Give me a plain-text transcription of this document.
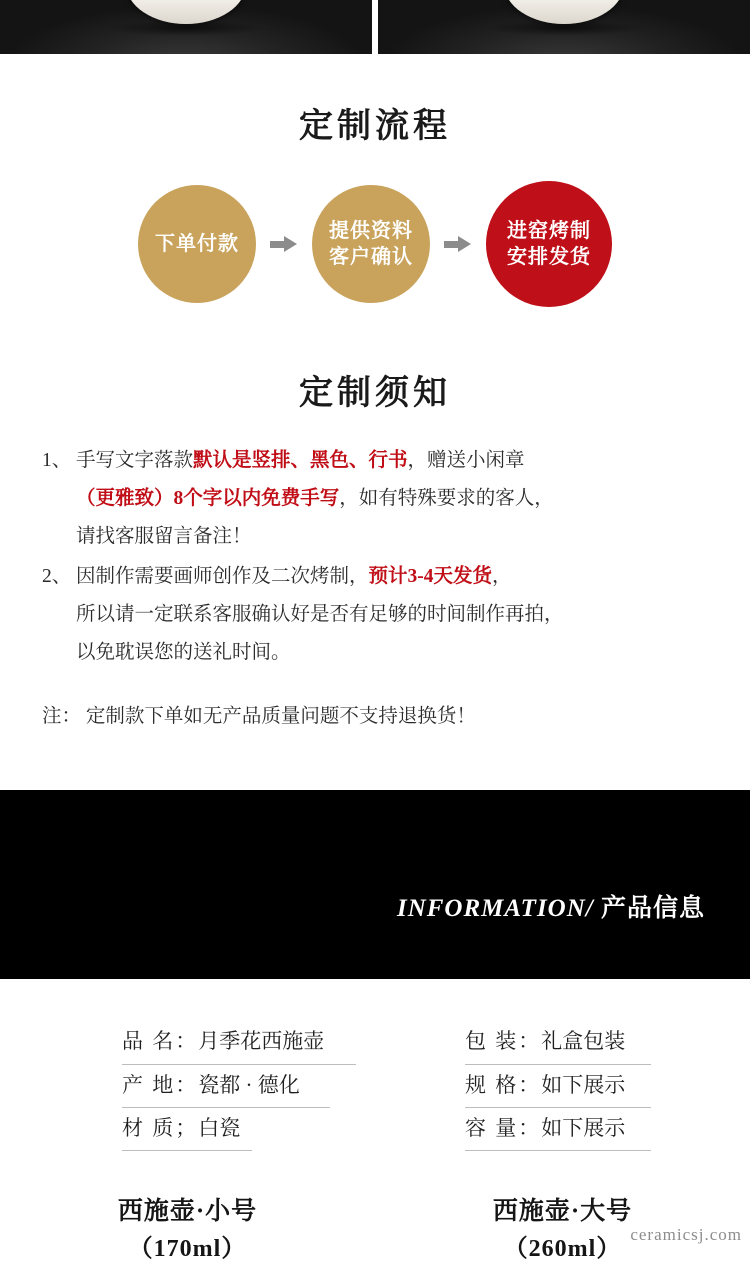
定制流程
下单付款
提供资料
客户确认
进窑烤制
安排发货
定制须知
1、 手写文字落款默认是竖排、黑色、行书，赠送小闲章

（更雅致）8个字以内免费手写，如有特殊要求的客人，

请找客服留言备注！

2、 因制作需要画师创作及二次烤制，预计3-4天发货，

所以请一定联系客服确认好是否有足够的时间制作再拍，

以免耽误您的送礼时间。

注： 定制款下单如无产品质量问题不支持退换货！
INFORMATION/ 产品信息
品 名：月季花西施壶
产 地：瓷都 · 德化
材 质；白瓷
包 装：礼盒包装
规 格：如下展示
容 量：如下展示
西施壶·小号
（170ml）
西施壶·大号
（260ml）
ceramicsj.com
